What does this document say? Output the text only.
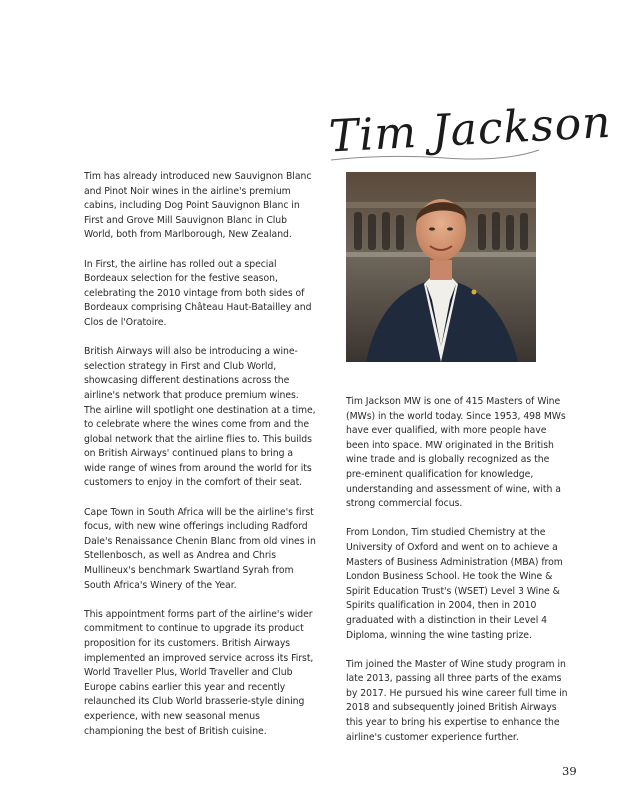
Tim has already introduced new Sauvignon Blanc and Pinot Noir wines in the airline's premium cabins, including Dog Point Sauvignon Blanc in First and Grove Mill Sauvignon Blanc in Club World, both from Marlborough, New Zealand.

In First, the airline has rolled out a special Bordeaux selection for the festive season, celebrating the 2010 vintage from both sides of Bordeaux comprising Château Haut-Batailley and Clos de l'Oratoire.

British Airways will also be introducing a wine-selection strategy in First and Club World, showcasing different destinations across the airline's network that produce premium wines. The airline will spotlight one destination at a time, to celebrate where the wines come from and the global network that the airline flies to. This builds on British Airways' continued plans to bring a wide range of wines from around the world for its customers to enjoy in the comfort of their seat.

Cape Town in South Africa will be the airline's first focus, with new wine offerings including Radford Dale's Renaissance Chenin Blanc from old vines in Stellenbosch, as well as Andrea and Chris Mullineux's benchmark Swartland Syrah from South Africa's Winery of the Year.

This appointment forms part of the airline's wider commitment to continue to upgrade its product proposition for its customers. British Airways implemented an improved service across its First, World Traveller Plus, World Traveller and Club Europe cabins earlier this year and recently relaunched its Club World brasserie-style dining experience, with new seasonal menus championing the best of British cuisine.

Tim Jackson

Tim Jackson MW is one of 415 Masters of Wine (MWs) in the world today. Since 1953, 498 MWs have ever qualified, with more people have been into space. MW originated in the British wine trade and is globally recognized as the pre-eminent qualification for knowledge, understanding and assessment of wine, with a strong commercial focus.

From London, Tim studied Chemistry at the University of Oxford and went on to achieve a Masters of Business Administration (MBA) from London Business School. He took the Wine & Spirit Education Trust's (WSET) Level 3 Wine & Spirits qualification in 2004, then in 2010 graduated with a distinction in their Level 4 Diploma, winning the wine tasting prize.

Tim joined the Master of Wine study program in late 2013, passing all three parts of the exams by 2017. He pursued his wine career full time in 2018 and subsequently joined British Airways this year to bring his expertise to enhance the airline's customer experience further.

39
